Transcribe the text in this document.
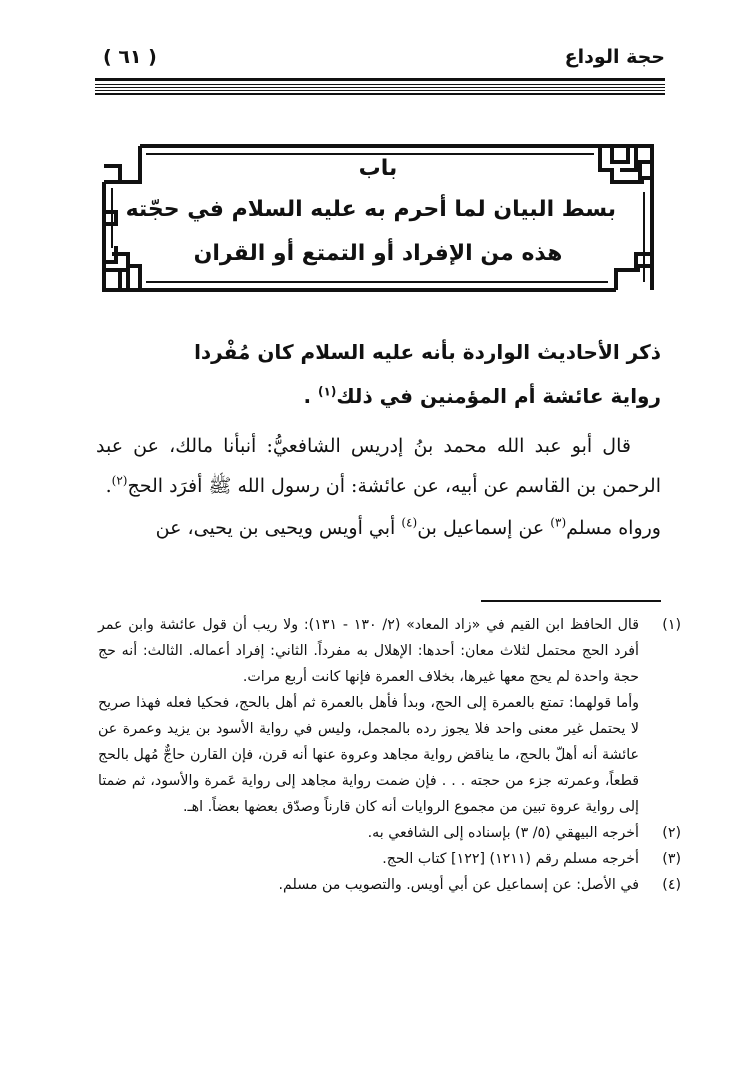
حجة الوداع
( ٦١ )
باب
بسط البيان لما أحرم به عليه السلام في حجّته
هذه من الإفراد أو التمتع أو القران
ذكر الأحاديث الواردة بأنه عليه السلام كان مُفْردا
رواية عائشة أم المؤمنين في ذلك$^{(١)}$ .

قال أبو عبد الله محمد بنُ إدريس الشافعيُّ: أنبأنا مالك، عن عبد الرحمن بن القاسم عن أبيه، عن عائشة: أن رسول الله ﷺ أفرَد الحج$^{(٢)}$.

ورواه مسلم$^{(٣)}$ عن إسماعيل بن$^{(٤)}$ أبي أويس ويحيى بن يحيى، عن

(١)
قال الحافظ ابن القيم في «زاد المعاد» (٢/ ١٣٠ - ١٣١): ولا ريب أن قول عائشة وابن عمر أفرد الحج محتمل لثلاث معان: أحدها: الإهلال به مفرداً. الثاني: إفراد أعماله. الثالث: أنه حج حجة واحدة لم يحج معها غيرها، بخلاف العمرة فإنها كانت أربع مرات.
وأما قولهما: تمتع بالعمرة إلى الحج، وبدأ فأهل بالعمرة ثم أهل بالحج، فحكيا فعله فهذا صريح لا يحتمل غير معنى واحد فلا يجوز رده بالمجمل، وليس في رواية الأسود بن يزيد وعمرة عن عائشة أنه أهلّ بالحج، ما يناقض رواية مجاهد وعروة عنها أنه قرن، فإن القارن حاجٌّ مُهل بالحج قطعاً، وعمرته جزء من حجته . . . فإن ضمت رواية مجاهد إلى رواية عَمرة والأسود، ثم ضمتا إلى رواية عروة تبين من مجموع الروايات أنه كان قارناً وصدّق بعضها بعضاً. اهـ.
(٢)
أخرجه البيهقي (٥/ ٣) بإسناده إلى الشافعي به.
(٣)
أخرجه مسلم رقم (١٢١١) [١٢٢] كتاب الحج.
(٤)
في الأصل: عن إسماعيل عن أبي أويس. والتصويب من مسلم.
